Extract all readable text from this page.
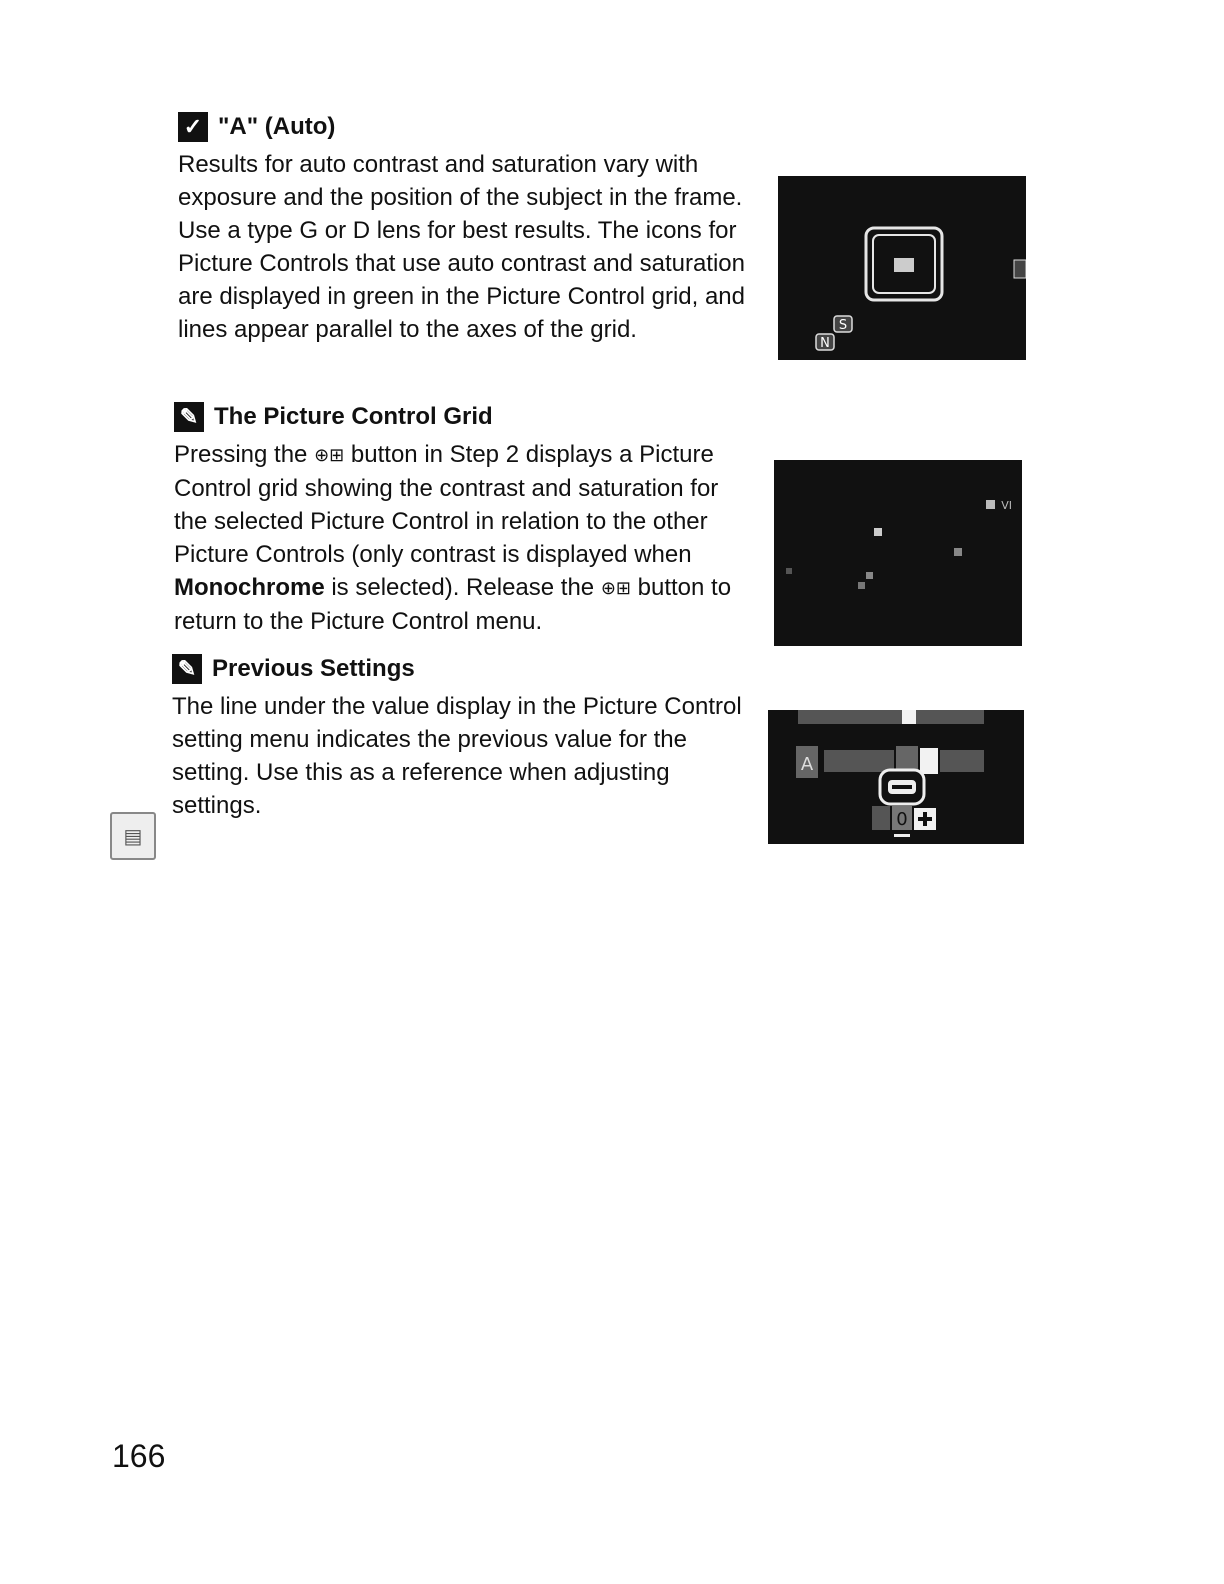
✓ "A" (Auto)

Results for auto contrast and saturation vary with exposure and the position of the subject in the frame. Use a type G or D lens for best results. The icons for Picture Controls that use auto contrast and saturation are displayed in green in the Picture Control grid, and lines appear parallel to the axes of the grid.	S
N
✎ The Picture Control Grid

Pressing the ⊕⊞ button in Step 2 displays a Picture Control grid showing the contrast and saturation for the selected Picture Control in relation to the other Picture Controls (only contrast is displayed when Monochrome is selected). Release the ⊕⊞ button to return to the Picture Control menu.

VI
✎ Previous Settings

The line under the value display in the Picture Control setting menu indicates the previous value for the setting. Use this as a reference when adjusting settings.

A
0
▤
166
